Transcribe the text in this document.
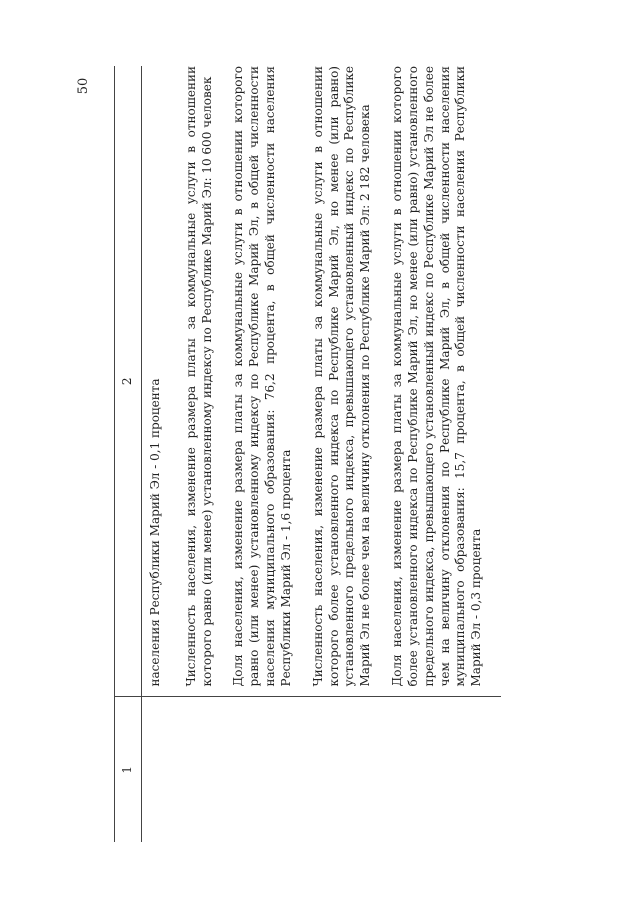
50
1	2

	населения Республики Марий Эл - 0,1 процента Численность населения, изменение размера платы за коммунальные услуги в отношении которого равно (или менее) установленному индексу по Республике Марий Эл: 10 600 человек Доля населения, изменение размера платы за коммунальные услуги в отношении которого равно (или менее) установленному индексу по Республике Марий Эл, в общей численности населения муниципального образования: 76,2 процента, в общей численности населения Республики Марий Эл - 1,6 процента Численность населения, изменение размера платы за коммунальные услуги в отношении которого более установленного индекса по Республике Марий Эл, но менее (или равно) установленного предельного индекса, превышающего установленный индекс по Республике Марий Эл не более чем на величину отклонения по Республике Марий Эл: 2 182 человека Доля населения, изменение размера платы за коммунальные услуги в отношении которого более установленного индекса по Республике Марий Эл, но менее (или равно) установленного предельного индекса, превышающего установленный индекс по Республике Марий Эл не более чем на величину отклонения по Республике Марий Эл, в общей численности населения муниципального образования: 15,7 процента, в общей численности населения Республики Марий Эл - 0,3 процента
